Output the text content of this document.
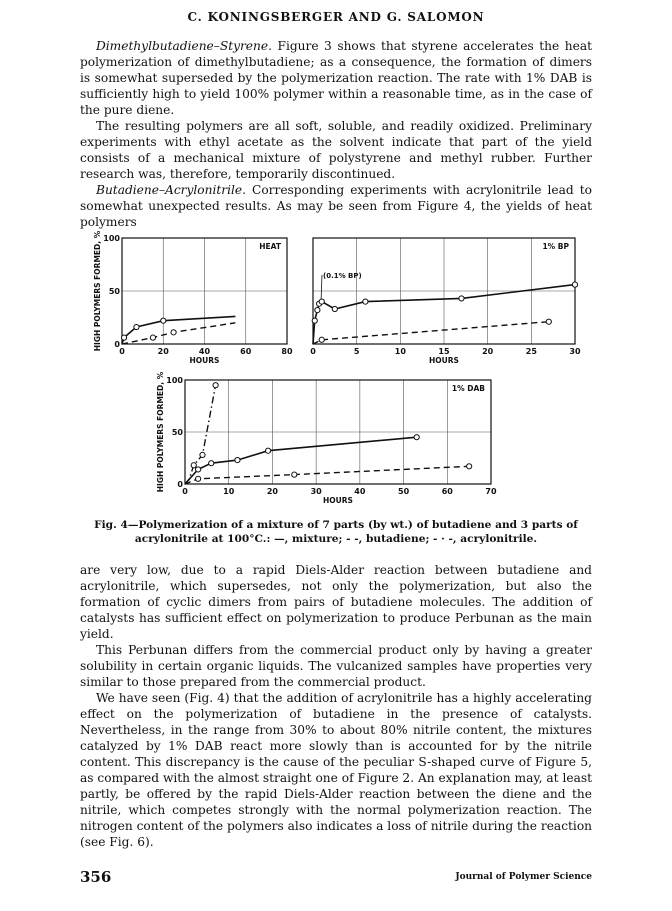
C. KONINGSBERGER AND G. SALOMON

Dimethylbutadiene–Styrene. Figure 3 shows that styrene accelerates the heat polymerization of dimethylbutadiene; as a consequence, the formation of dimers is somewhat superseded by the polymerization reaction. The rate with 1% DAB is sufficiently high to yield 100% polymer within a reasonable time, as in the case of the pure diene.

The resulting polymers are all soft, soluble, and readily oxidized. Preliminary experiments with ethyl acetate as the solvent indicate that part of the yield consists of a mechanical mixture of polystyrene and methyl rubber. Further research was, therefore, temporarily discontinued.

Butadiene–Acrylonitrile. Corresponding experiments with acrylonitrile lead to somewhat unexpected results. As may be seen from Figure 4, the yields of heat polymers

0	20	40	60	80
0
50
100
HOURS
HIGH POLYMERS FORMED, %	HEAT
0	5	10	15	20	25	30
HOURS
1% BP
(0.1% BP)
0	10	20	30	40	50	60	70
0
50
100
HOURS
HIGH POLYMERS FORMED, %	1% DAB
Fig. 4—Polymerization of a mixture of 7 parts (by wt.) of butadiene and 3 parts of acrylonitrile at 100°C.: —, mixture; - -, butadiene; - · -, acrylonitrile.

are very low, due to a rapid Diels-Alder reaction between butadiene and acrylonitrile, which supersedes, not only the polymerization, but also the formation of cyclic dimers from pairs of butadiene molecules. The addition of catalysts has sufficient effect on polymerization to produce Perbunan as the main yield.

This Perbunan differs from the commercial product only by having a greater solubility in certain organic liquids. The vulcanized samples have properties very similar to those prepared from the commercial product.

We have seen (Fig. 4) that the addition of acrylonitrile has a highly accelerating effect on the polymerization of butadiene in the presence of catalysts. Nevertheless, in the range from 30% to about 80% nitrile content, the mixtures catalyzed by 1% DAB react more slowly than is accounted for by the nitrile content. This discrepancy is the cause of the peculiar S-shaped curve of Figure 5, as compared with the almost straight one of Figure 2. An explanation may, at least partly, be offered by the rapid Diels-Alder reaction between the diene and the nitrile, which competes strongly with the normal polymerization reaction. The nitrogen content of the polymers also indicates a loss of nitrile during the reaction (see Fig. 6).

356	Journal of Polymer Science
